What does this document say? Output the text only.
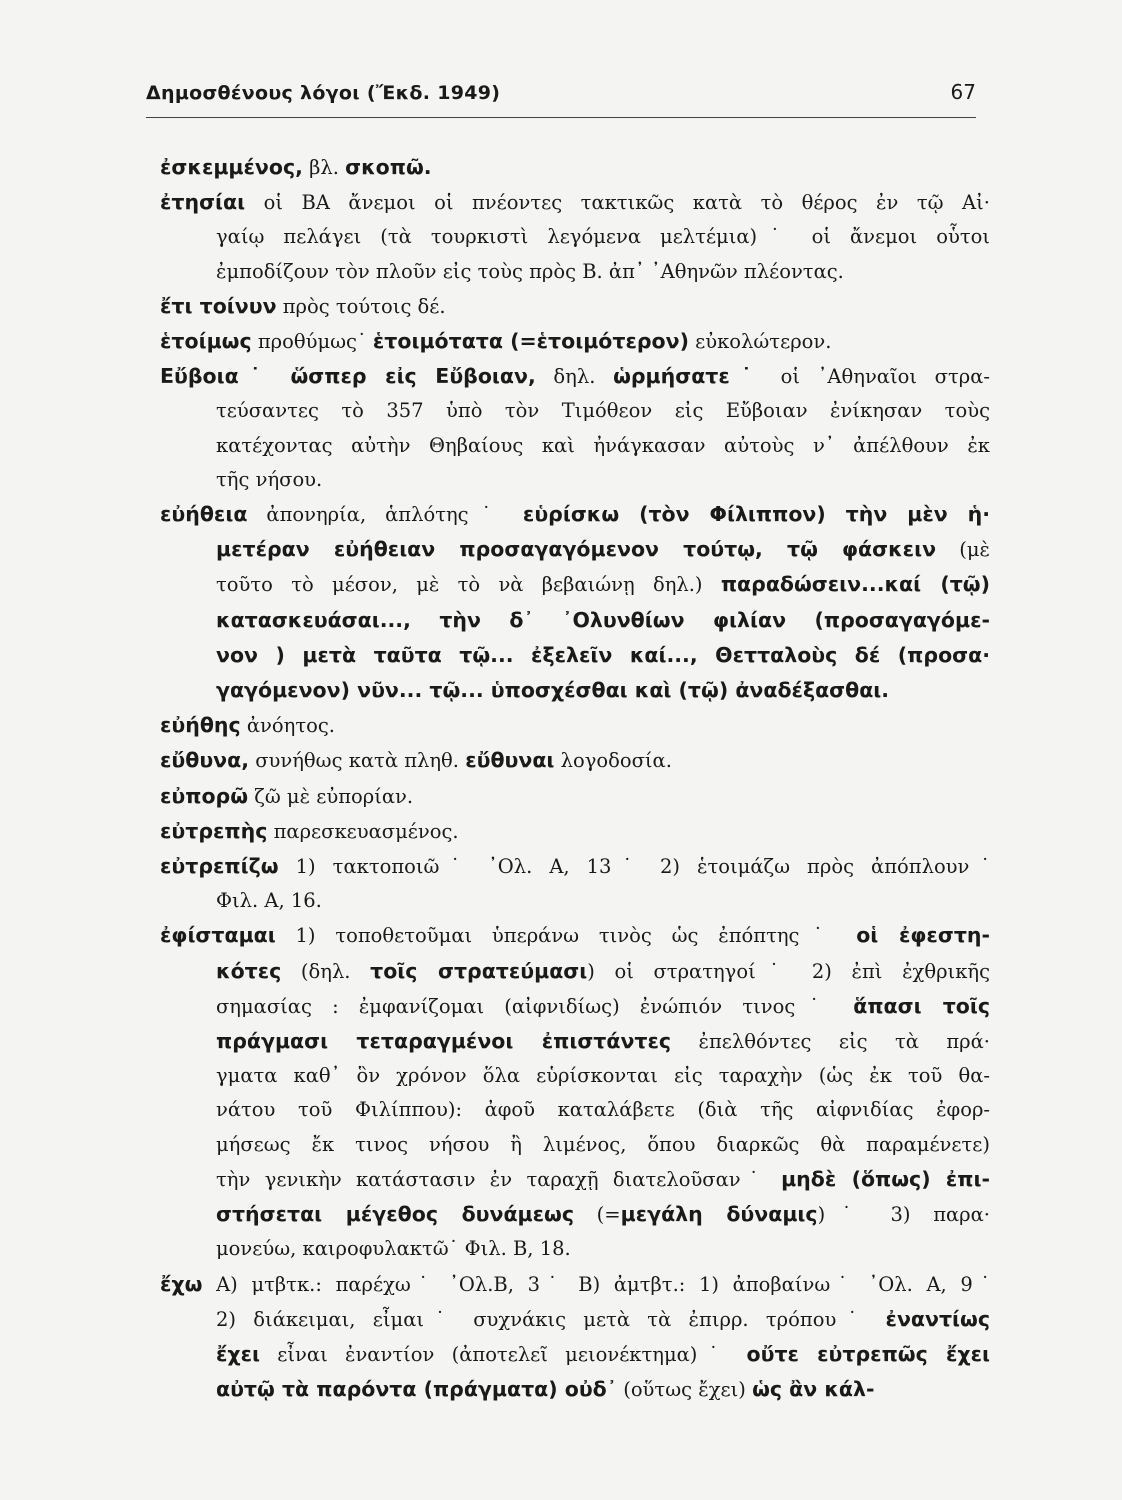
Δημοσθένους λόγοι (Ἔκδ. 1949)	67
ἐσκεμμένος, βλ. σκοπῶ.
ἐτησίαι οἱ ΒΑ ἄνεμοι οἱ πνέοντες τακτικῶς κατὰ τὸ θέρος ἐν τῷ Αἰ·
γαίῳ πελάγει (τὰ τουρκιστὶ λεγόμενα μελτέμια)˙ οἱ ἄνεμοι οὗτοι
ἐμποδίζουν τὸν πλοῦν εἰς τοὺς πρὸς Β. ἀπ᾽ ᾽Αθηνῶν πλέοντας.
ἔτι τοίνυν πρὸς τούτοις δέ.
ἑτοίμως προθύμως˙ ἑτοιμότατα (=ἑτοιμότερον) εὐκολώτερον.
Εὔβοια˙ ὥσπερ εἰς Εὔβοιαν, δηλ. ὡρμήσατε˙ οἱ ᾽Αθηναῖοι στρα-
τεύσαντες τὸ 357 ὑπὸ τὸν Τιμόθεον εἰς Εὔβοιαν ἐνίκησαν τοὺς
κατέχοντας αὐτὴν Θηβαίους καὶ ἠνάγκασαν αὐτοὺς ν᾽ ἀπέλθουν ἐκ
τῆς νήσου.
εὐήθεια ἀπονηρία, ἁπλότης˙ εὑρίσκω (τὸν Φίλιππον) τὴν μὲν ἡ·
μετέραν εὐήθειαν προσαγαγόμενον τούτῳ, τῷ φάσκειν (μὲ
τοῦτο τὸ μέσον, μὲ τὸ νὰ βεβαιώνῃ δηλ.) παραδώσειν...καί (τῷ)
κατασκευάσαι..., τὴν δ᾽ ᾽Ολυνθίων φιλίαν (προσαγαγόμε-
νον ) μετὰ ταῦτα τῷ... ἐξελεῖν καί..., Θετταλοὺς δέ (προσα·
γαγόμενον) νῦν... τῷ... ὑποσχέσθαι καὶ (τῷ) ἀναδέξασθαι.
εὐήθης ἀνόητος.
εὔθυνα, συνήθως κατὰ πληθ. εὔθυναι λογοδοσία.
εὐπορῶ ζῶ μὲ εὐπορίαν.
εὐτρεπὴς παρεσκευασμένος.
εὐτρεπίζω 1) τακτοποιῶ˙ ᾽Ολ. Α, 13˙ 2) ἑτοιμάζω πρὸς ἀπόπλουν˙
Φιλ. Α, 16.
ἐφίσταμαι 1) τοποθετοῦμαι ὑπεράνω τινὸς ὡς ἐπόπτης˙ οἱ ἐφεστη-
κότες (δηλ. τοῖς στρατεύμασι) οἱ στρατηγοί˙ 2) ἐπὶ ἐχθρικῆς
σημασίας : ἐμφανίζομαι (αἰφνιδίως) ἐνώπιόν τινος˙ ἅπασι τοῖς
πράγμασι τεταραγμένοι ἐπιστάντες ἐπελθόντες εἰς τὰ πρά·
γματα καθ᾽ ὃν χρόνον ὅλα εὑρίσκονται εἰς ταραχὴν (ὡς ἐκ τοῦ θα-
νάτου τοῦ Φιλίππου): ἀφοῦ καταλάβετε (διὰ τῆς αἰφνιδίας ἐφορ-
μήσεως ἔκ τινος νήσου ἢ λιμένος, ὅπου διαρκῶς θὰ παραμένετε)
τὴν γενικὴν κατάστασιν ἐν ταραχῇ διατελοῦσαν˙ μηδὲ (ὅπως) ἐπι-
στήσεται μέγεθος δυνάμεως (=μεγάλη δύναμις)˙ 3) παρα·
μονεύω, καιροφυλακτῶ˙ Φιλ. Β, 18.
ἔχω Α) μτβτκ.: παρέχω˙ ᾽Ολ.Β, 3˙ Β) ἀμτβτ.: 1) ἀποβαίνω˙ ᾽Ολ. Α, 9˙
2) διάκειμαι, εἶμαι˙ συχνάκις μετὰ τὰ ἐπιρρ. τρόπου˙ ἐναντίως
ἔχει εἶναι ἐναντίον (ἀποτελεῖ μειονέκτημα)˙ οὔτε εὐτρεπῶς ἔχει
αὐτῷ τὰ παρόντα (πράγματα) οὐδ᾽ (οὕτως ἔχει) ὡς ἂν κάλ-
